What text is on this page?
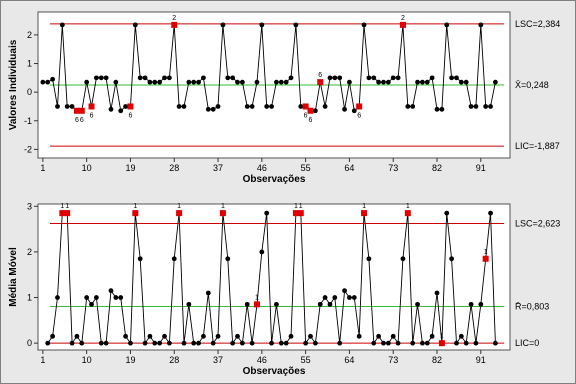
LSC=2,384
X̄=0,248
LIC=-1,887
-2
-1
0
1
2
1	10	19	28	37	46	55	64	73	82	91
Observações
Valores Individuais	6 6
6	6
2
6
6
6
6
2
LSC=2,623
R̄=0,803
LIC=0
0
1
2
3
1	10	19	28	37	46	55	64	73	82	91
Observações
Média Móvel
1 1	1	1	1
1
1 1	1	1
1
1
